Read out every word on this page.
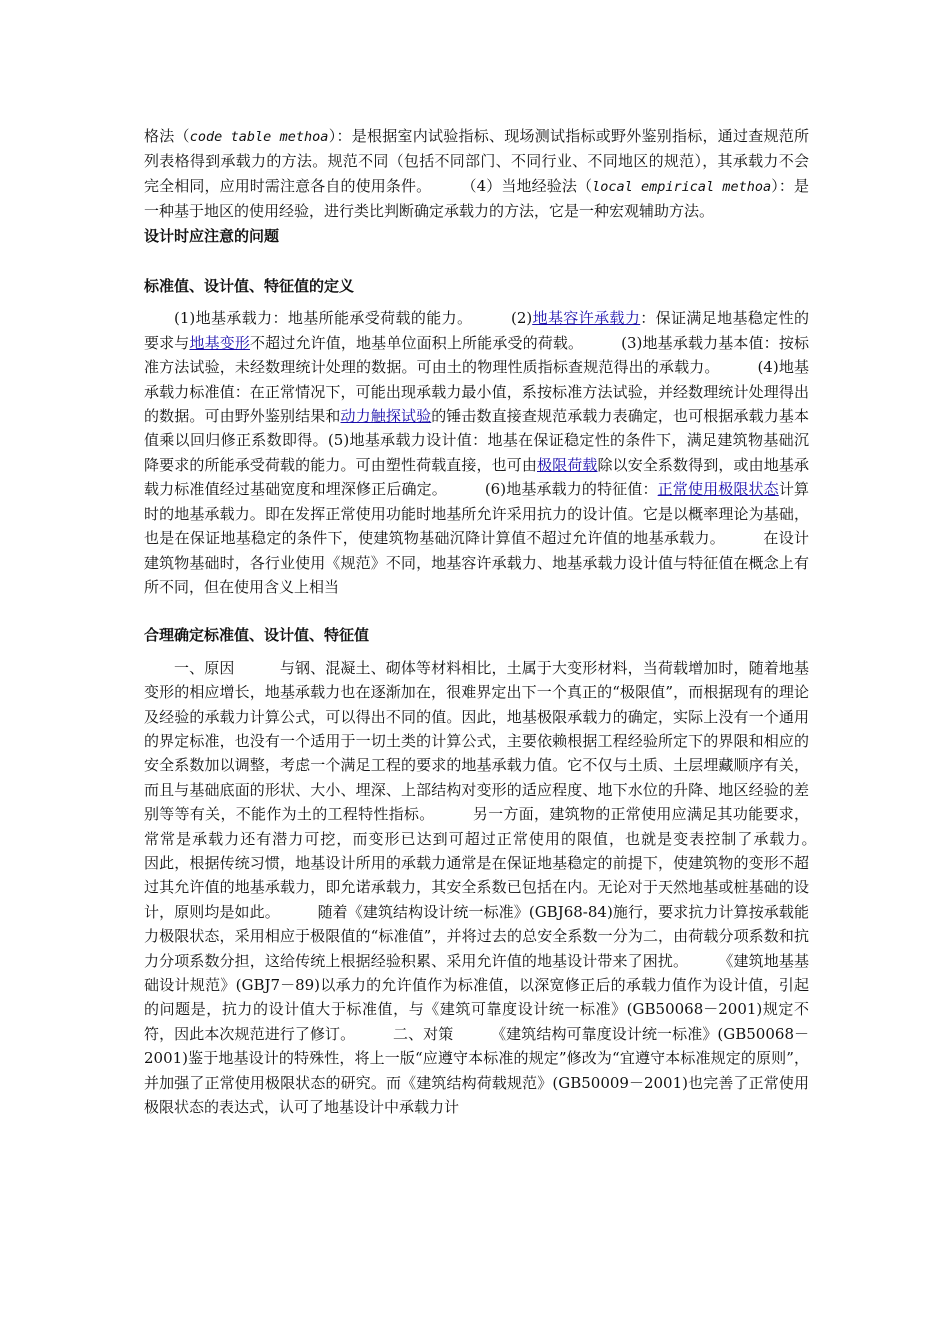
格法（code table methoa）：是根据室内试验指标、现场测试指标或野外鉴别指标，通过查规范所列表格得到承载力的方法。规范不同（包括不同部门、不同行业、不同地区的规范），其承载力不会完全相同，应用时需注意各自的使用条件。　　　（4）当地经验法（local empirical methoa）：是一种基于地区的使用经验，进行类比判断确定承载力的方法，它是一种宏观辅助方法。

设计时应注意的问题

标准值、设计值、特征值的定义

(1)地基承载力：地基所能承受荷载的能力。　　　(2)地基容许承载力：保证满足地基稳定性的要求与地基变形不超过允许值，地基单位面积上所能承受的荷载。　　　(3)地基承载力基本值：按标准方法试验，未经数理统计处理的数据。可由土的物理性质指标查规范得出的承载力。　　　(4)地基承载力标准值：在正常情况下，可能出现承载力最小值，系按标准方法试验，并经数理统计处理得出的数据。可由野外鉴别结果和动力触探试验的锤击数直接查规范承载力表确定，也可根据承载力基本值乘以回归修正系数即得。(5)地基承载力设计值：地基在保证稳定性的条件下，满足建筑物基础沉降要求的所能承受荷载的能力。可由塑性荷载直接，也可由极限荷载除以安全系数得到，或由地基承载力标准值经过基础宽度和埋深修正后确定。　　　(6)地基承载力的特征值：正常使用极限状态计算时的地基承载力。即在发挥正常使用功能时地基所允许采用抗力的设计值。它是以概率理论为基础，也是在保证地基稳定的条件下，使建筑物基础沉降计算值不超过允许值的地基承载力。　　　在设计建筑物基础时，各行业使用《规范》不同，地基容许承载力、地基承载力设计值与特征值在概念上有所不同，但在使用含义上相当

合理确定标准值、设计值、特征值

一、原因　　　与钢、混凝土、砌体等材料相比，土属于大变形材料，当荷载增加时，随着地基变形的相应增长，地基承载力也在逐渐加在，很难界定出下一个真正的“极限值”，而根据现有的理论及经验的承载力计算公式，可以得出不同的值。因此，地基极限承载力的确定，实际上没有一个通用的界定标准，也没有一个适用于一切土类的计算公式，主要依赖根据工程经验所定下的界限和相应的安全系数加以调整，考虑一个满足工程的要求的地基承载力值。它不仅与土质、土层埋藏顺序有关，而且与基础底面的形状、大小、埋深、上部结构对变形的适应程度、地下水位的升降、地区经验的差别等等有关，不能作为土的工程特性指标。　　　另一方面，建筑物的正常使用应满足其功能要求，常常是承载力还有潜力可挖，而变形已达到可超过正常使用的限值，也就是变表控制了承载力。　　　因此，根据传统习惯，地基设计所用的承载力通常是在保证地基稳定的前提下，使建筑物的变形不超过其允许值的地基承载力，即允诺承载力，其安全系数已包括在内。无论对于天然地基或桩基础的设计，原则均是如此。　　　随着《建筑结构设计统一标准》(GBJ68-84)施行，要求抗力计算按承载能力极限状态，采用相应于极限值的“标准值”，并将过去的总安全系数一分为二，由荷载分项系数和抗力分项系数分担，这给传统上根据经验积累、采用允许值的地基设计带来了困扰。　　　《建筑地基基础设计规范》(GBJ7－89)以承力的允许值作为标准值，以深宽修正后的承载力值作为设计值，引起的问题是，抗力的设计值大于标准值，与《建筑可靠度设计统一标准》(GB50068－2001)规定不符，因此本次规范进行了修订。　　　二、对策　　　《建筑结构可靠度设计统一标准》(GB50068－2001)鉴于地基设计的特殊性，将上一版“应遵守本标准的规定”修改为“宜遵守本标准规定的原则”，并加强了正常使用极限状态的研究。而《建筑结构荷载规范》(GB50009－2001)也完善了正常使用极限状态的表达式，认可了地基设计中承载力计
